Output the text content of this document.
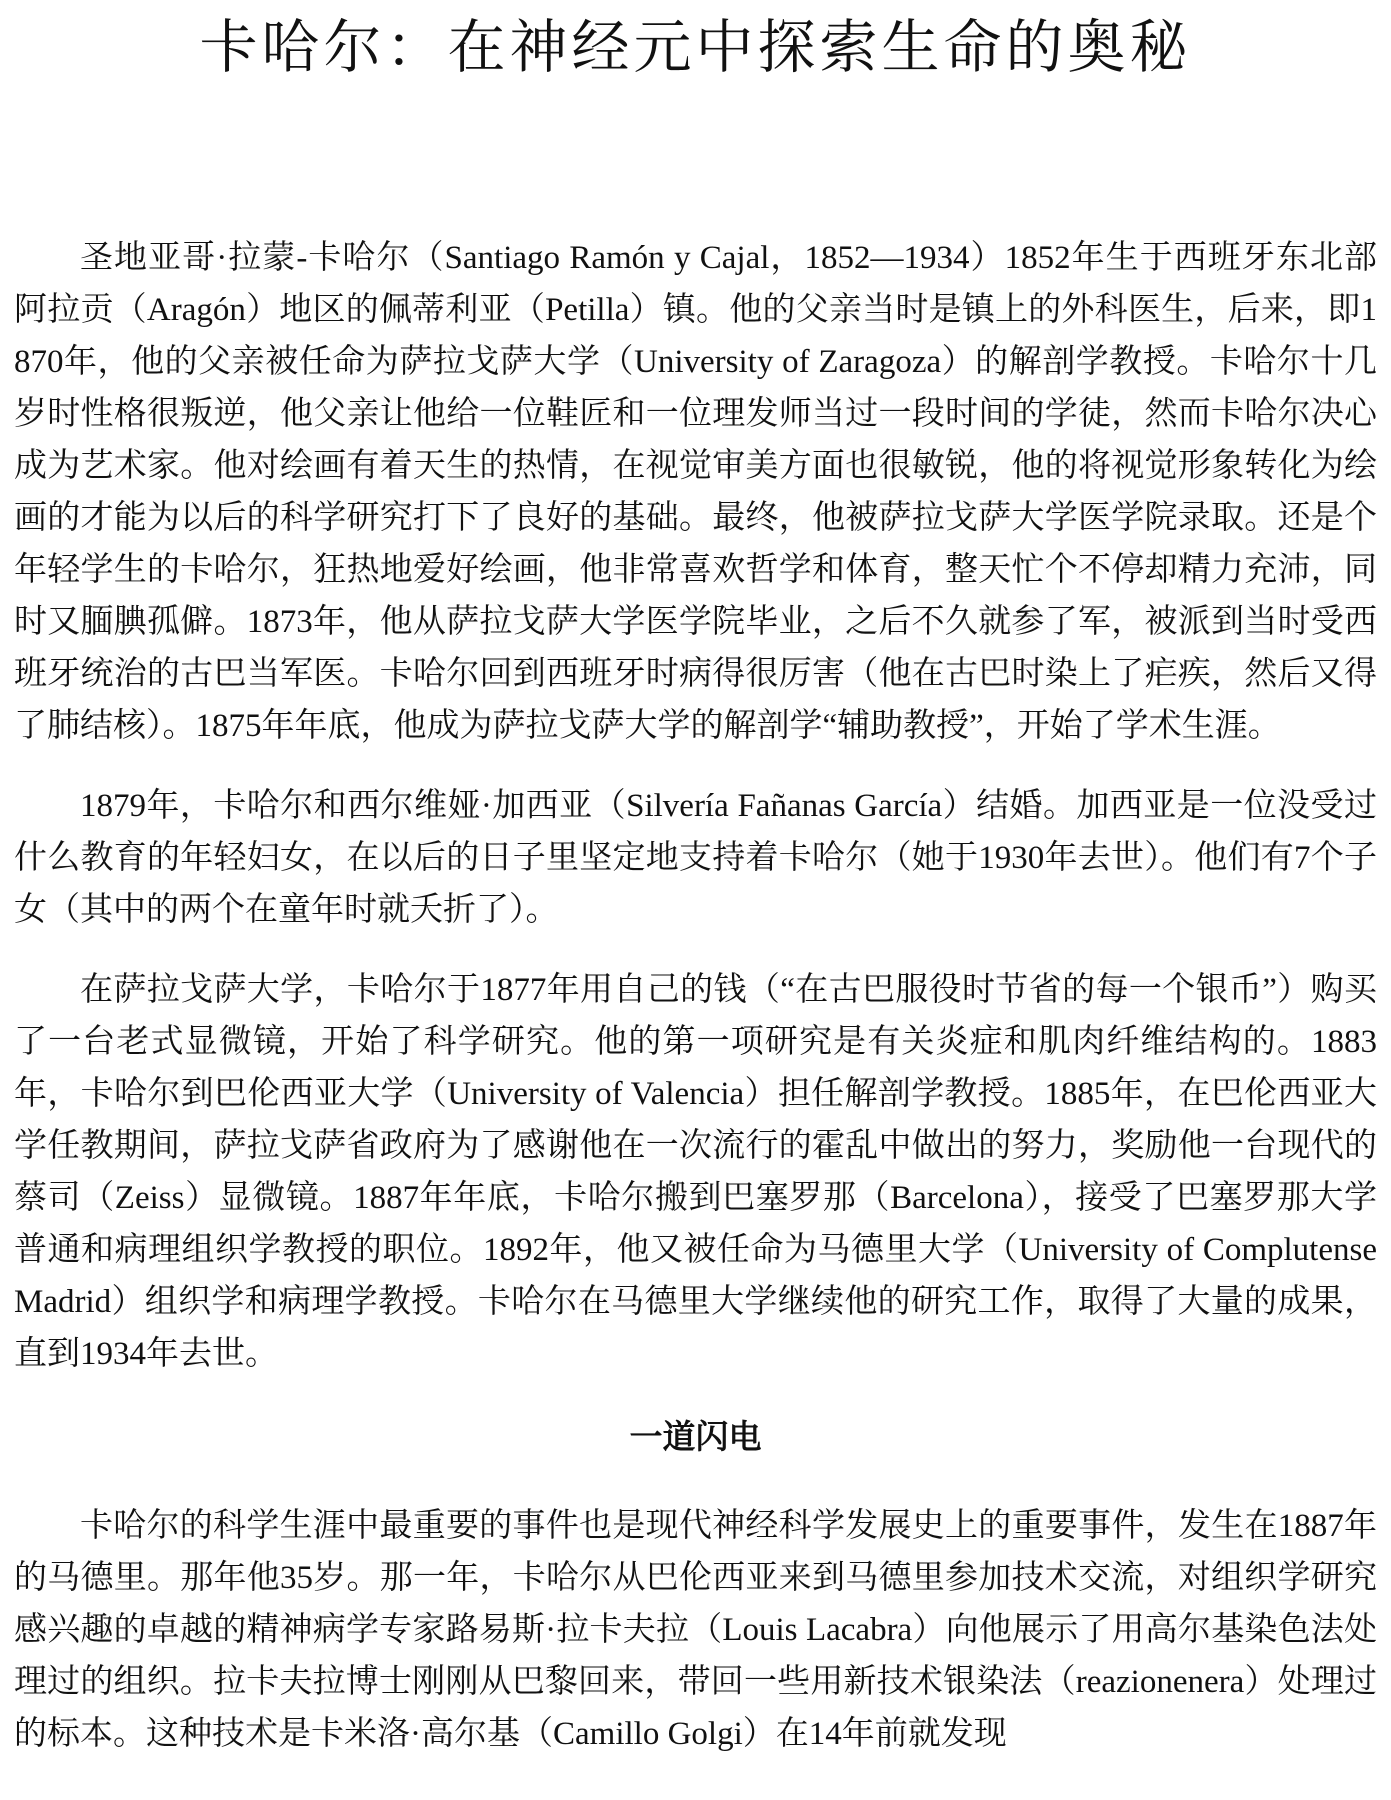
卡哈尔：在神经元中探索生命的奥秘

圣地亚哥·拉蒙-卡哈尔（Santiago Ramón y Cajal，1852—1934）1852年生于西班牙东北部阿拉贡（Aragón）地区的佩蒂利亚（Petilla）镇。他的父亲当时是镇上的外科医生，后来，即1870年，他的父亲被任命为萨拉戈萨大学（University of Zaragoza）的解剖学教授。卡哈尔十几岁时性格很叛逆，他父亲让他给一位鞋匠和一位理发师当过一段时间的学徒，然而卡哈尔决心成为艺术家。他对绘画有着天生的热情，在视觉审美方面也很敏锐，他的将视觉形象转化为绘画的才能为以后的科学研究打下了良好的基础。最终，他被萨拉戈萨大学医学院录取。还是个年轻学生的卡哈尔，狂热地爱好绘画，他非常喜欢哲学和体育，整天忙个不停却精力充沛，同时又腼腆孤僻。1873年，他从萨拉戈萨大学医学院毕业，之后不久就参了军，被派到当时受西班牙统治的古巴当军医。卡哈尔回到西班牙时病得很厉害（他在古巴时染上了疟疾，然后又得了肺结核）。1875年年底，他成为萨拉戈萨大学的解剖学“辅助教授”，开始了学术生涯。

1879年，卡哈尔和西尔维娅·加西亚（Silvería Fañanas García）结婚。加西亚是一位没受过什么教育的年轻妇女，在以后的日子里坚定地支持着卡哈尔（她于1930年去世）。他们有7个子女（其中的两个在童年时就夭折了）。

在萨拉戈萨大学，卡哈尔于1877年用自己的钱（“在古巴服役时节省的每一个银币”）购买了一台老式显微镜，开始了科学研究。他的第一项研究是有关炎症和肌肉纤维结构的。1883年，卡哈尔到巴伦西亚大学（University of Valencia）担任解剖学教授。1885年，在巴伦西亚大学任教期间，萨拉戈萨省政府为了感谢他在一次流行的霍乱中做出的努力，奖励他一台现代的蔡司（Zeiss）显微镜。1887年年底，卡哈尔搬到巴塞罗那（Barcelona），接受了巴塞罗那大学普通和病理组织学教授的职位。1892年，他又被任命为马德里大学（University of Complutense Madrid）组织学和病理学教授。卡哈尔在马德里大学继续他的研究工作，取得了大量的成果，直到1934年去世。

一道闪电

卡哈尔的科学生涯中最重要的事件也是现代神经科学发展史上的重要事件，发生在1887年的马德里。那年他35岁。那一年，卡哈尔从巴伦西亚来到马德里参加技术交流，对组织学研究感兴趣的卓越的精神病学专家路易斯·拉卡夫拉（Louis Lacabra）向他展示了用高尔基染色法处理过的组织。拉卡夫拉博士刚刚从巴黎回来，带回一些用新技术银染法（reazionenera）处理过的标本。这种技术是卡米洛·高尔基（Camillo Golgi）在14年前就发现
